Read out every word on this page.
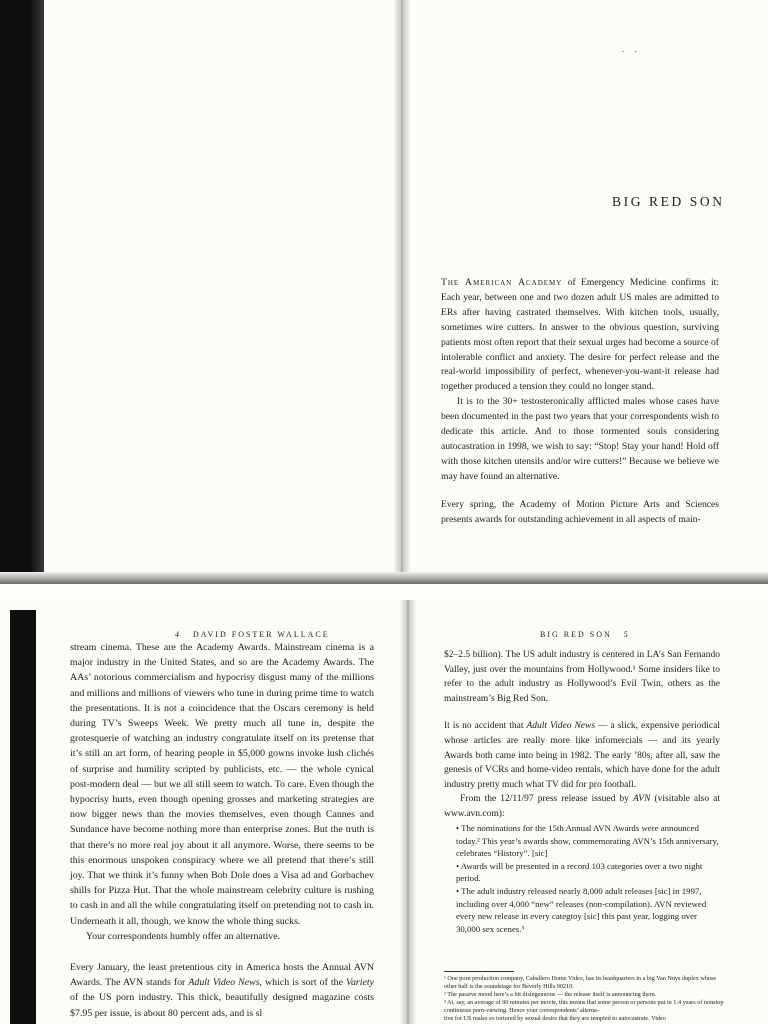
. .
BIG RED SON

The American Academy of Emergency Medicine confirms it: Each year, between one and two dozen adult US males are admitted to ERs after having castrated themselves. With kitchen tools, usually, sometimes wire cutters. In answer to the obvious question, surviving patients most often report that their sexual urges had become a source of intolerable conflict and anxiety. The desire for perfect release and the real-world impossibility of perfect, whenever-you-want-it release had together produced a tension they could no longer stand.

It is to the 30+ testosteronically afflicted males whose cases have been documented in the past two years that your correspondents wish to dedicate this article. And to those tormented souls considering autocastration in 1998, we wish to say: “Stop! Stay your hand! Hold off with those kitchen utensils and/or wire cutters!” Because we believe we may have found an alternative.

Every spring, the Academy of Motion Picture Arts and Sciences presents awards for outstanding achievement in all aspects of main-

4 DAVID FOSTER WALLACE

stream cinema. These are the Academy Awards. Mainstream cinema is a major industry in the United States, and so are the Academy Awards. The AAs’ notorious commercialism and hypocrisy disgust many of the millions and millions and millions of viewers who tune in during prime time to watch the presentations. It is not a coincidence that the Oscars ceremony is held during TV’s Sweeps Week. We pretty much all tune in, despite the grotesquerie of watching an industry congratulate itself on its pretense that it’s still an art form, of hearing people in $5,000 gowns invoke lush clichés of surprise and humility scripted by publicists, etc. — the whole cynical post-modern deal — but we all still seem to watch. To care. Even though the hypocrisy hurts, even though opening grosses and marketing strategies are now bigger news than the movies themselves, even though Cannes and Sundance have become nothing more than enterprise zones. But the truth is that there’s no more real joy about it all anymore. Worse, there seems to be this enormous unspoken conspiracy where we all pretend that there’s still joy. That we think it’s funny when Bob Dole does a Visa ad and Gorbachev shills for Pizza Hut. That the whole mainstream celebrity culture is rushing to cash in and all the while congratulating itself on pretending not to cash in. Underneath it all, though, we know the whole thing sucks.

Your correspondents humbly offer an alternative.

Every January, the least pretentious city in America hosts the Annual AVN Awards. The AVN stands for Adult Video News, which is sort of the Variety of the US porn industry. This thick, beautifully designed magazine costs $7.95 per issue, is about 80 percent ads, and is sl

BIG RED SON 5

$2–2.5 billion). The US adult industry is centered in LA’s San Fernando Valley, just over the mountains from Hollywood.¹ Some insiders like to refer to the adult industry as Hollywood’s Evil Twin, others as the mainstream’s Big Red Son.

It is no accident that Adult Video News — a slick, expensive periodical whose articles are really more like infomercials — and its yearly Awards both came into being in 1982. The early ’80s, after all, saw the genesis of VCRs and home-video rentals, which have done for the adult industry pretty much what TV did for pro football.

From the 12/11/97 press release issued by AVN (visitable also at www.avn.com):

• The nominations for the 15th Annual AVN Awards were announced today.² This year’s awards show, commemorating AVN’s 15th anniversary, celebrates “History”. [sic]

• Awards will be presented in a record 103 categories over a two night period.

• The adult industry released nearly 8,000 adult releases [sic] in 1997, including over 4,000 “new” releases (non-compilation). AVN reviewed every new release in every categtoy [sic] this past year, logging over 30,000 sex scenes.³

¹ One porn production company, Caballero Home Video, has its headquarters in a big Van Nuys duplex whose other half is the soundstage for Beverly Hills 90210.

² The passive mood here’s a bit disingenuous — the release itself is announcing them.

³ At, say, an average of 90 minutes per movie, this means that some person or persons put in 1.4 years of nonstop continuous porn-viewing. Hence your correspondents’ alterna-

tive for US males so tortured by sexual desire that they are tempted to autocastrate. Video
